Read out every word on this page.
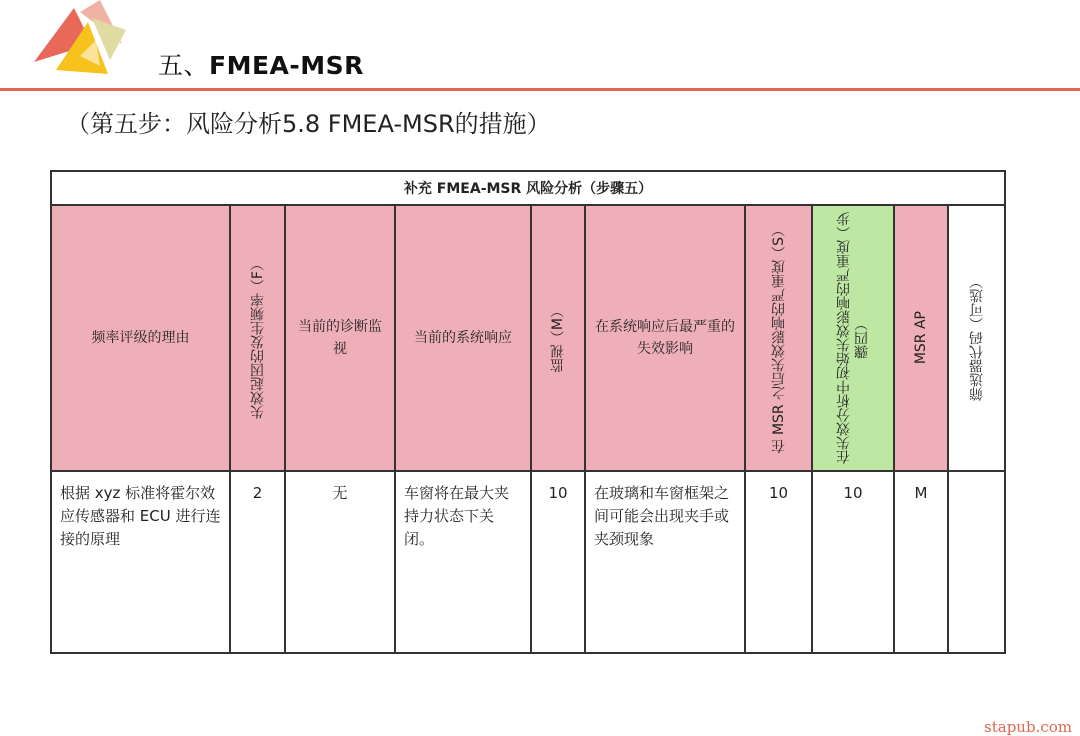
五、FMEA-MSR
（第五步：风险分析5.8 FMEA-MSR的措施）
补充 FMEA-MSR 风险分析（步骤五）									

频率评级的理由	失效起因的发生频率（F）	当前的诊断监视	当前的系统响应	监视（M）	在系统响应后最严重的失效影响	在 MSR 之后失效影响的严重度（S）	在失效分析中初始失效影响的严重度（步骤四）	MSR AP	筛选器代码（可选）

根据 xyz 标准将霍尔效应传感器和 ECU 进行连接的原理	2	无	车窗将在最大夹持力状态下关闭。	10	在玻璃和车窗框架之间可能会出现夹手或夹颈现象	10	10	M	
stapub.com
